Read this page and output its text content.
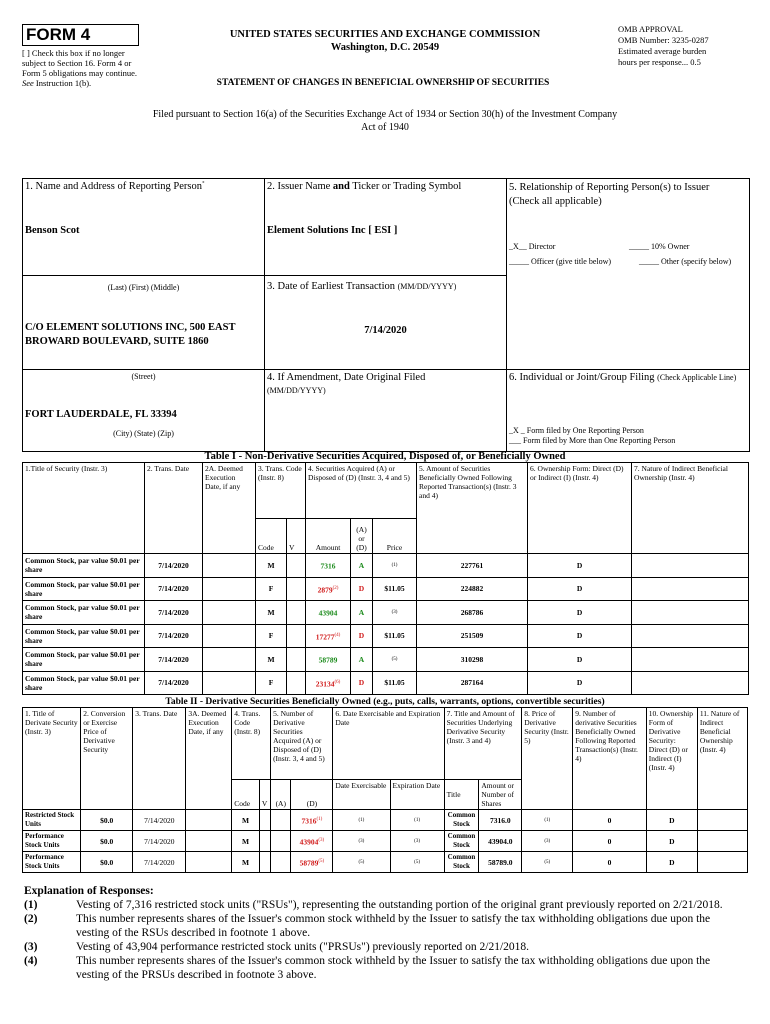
FORM 4
[ ] Check this box if no longer subject to Section 16. Form 4 or Form 5 obligations may continue. See Instruction 1(b).
UNITED STATES SECURITIES AND EXCHANGE COMMISSION
Washington, D.C. 20549
STATEMENT OF CHANGES IN BENEFICIAL OWNERSHIP OF SECURITIES
OMB APPROVAL
OMB Number: 3235-0287
Estimated average burden
hours per response... 0.5
Filed pursuant to Section 16(a) of the Securities Exchange Act of 1934 or Section 30(h) of the Investment Company Act of 1940
1. Name and Address of Reporting Person*
Benson Scot
(Last) (First) (Middle)
C/O ELEMENT SOLUTIONS INC, 500 EAST BROWARD BOULEVARD, SUITE 1860
(Street)
FORT LAUDERDALE, FL 33394
(City) (State) (Zip)
2. Issuer Name and Ticker or Trading Symbol
Element Solutions Inc [ ESI ]
3. Date of Earliest Transaction (MM/DD/YYYY)
7/14/2020
4. If Amendment, Date Original Filed
(MM/DD/YYYY)
5. Relationship of Reporting Person(s) to Issuer
(Check all applicable)
_X__ Director	_____ 10% Owner
_____ Officer (give title below)	_____ Other (specify below)
6. Individual or Joint/Group Filing (Check Applicable Line)
_X _ Form filed by One Reporting Person
___ Form filed by More than One Reporting Person
Table I - Non-Derivative Securities Acquired, Disposed of, or Beneficially Owned
1.Title of Security (Instr. 3)	2. Trans. Date	2A. Deemed Execution Date, if any	3. Trans. Code (Instr. 8)		4. Securities Acquired (A) or Disposed of (D) (Instr. 3, 4 and 5)			5. Amount of Securities Beneficially Owned Following Reported Transaction(s) (Instr. 3 and 4)	6. Ownership Form: Direct (D) or Indirect (I) (Instr. 4)	7. Nature of Indirect Beneficial Ownership (Instr. 4)
			Code	V	Amount	(A) or (D)	Price			
Common Stock, par value $0.01 per share	7/14/2020		M		7316	A	(1)	227761	D	
Common Stock, par value $0.01 per share	7/14/2020		F		2879$^{(2)}$	D	$11.05	224882	D	
Common Stock, par value $0.01 per share	7/14/2020		M		43904	A	(3)	268786	D	
Common Stock, par value $0.01 per share	7/14/2020		F		17277$^{(4)}$	D	$11.05	251509	D	
Common Stock, par value $0.01 per share	7/14/2020		M		58789	A	(5)	310298	D	
Common Stock, par value $0.01 per share	7/14/2020		F		23134$^{(6)}$	D	$11.05	287164	D	
Table II - Derivative Securities Beneficially Owned (e.g., puts, calls, warrants, options, convertible securities)
1. Title of Derivate Security (Instr. 3)	2. Conversion or Exercise Price of Derivative Security	3. Trans. Date	3A. Deemed Execution Date, if any	4. Trans. Code (Instr. 8)		5. Number of Derivative Securities Acquired (A) or Disposed of (D) (Instr. 3, 4 and 5)		6. Date Exercisable and Expiration Date		7. Title and Amount of Securities Underlying Derivative Security (Instr. 3 and 4)		8. Price of Derivative Security (Instr. 5)	9. Number of derivative Securities Beneficially Owned Following Reported Transaction(s) (Instr. 4)	10. Ownership Form of Derivative Security: Direct (D) or Indirect (I) (Instr. 4)	11. Nature of Indirect Beneficial Ownership (Instr. 4)
				Code	V	(A)	(D)	Date Exercisable	Expiration Date	Title	Amount or Number of Shares				
Restricted Stock Units	$0.0	7/14/2020		M			7316$^{(1)}$	(1)	(1)	Common Stock	7316.0	(1)	0	D	
Performance Stock Units	$0.0	7/14/2020		M			43904$^{(3)}$	(3)	(3)	Common Stock	43904.0	(3)	0	D	
Performance Stock Units	$0.0	7/14/2020		M			58789$^{(5)}$	(5)	(5)	Common Stock	58789.0	(5)	0	D	
Explanation of Responses:
(1)	Vesting of 7,316 restricted stock units ("RSUs"), representing the outstanding portion of the original grant previously reported on 2/21/2018.
(2)	This number represents shares of the Issuer's common stock withheld by the Issuer to satisfy the tax withholding obligations due upon the vesting of the RSUs described in footnote 1 above.
(3)	Vesting of 43,904 performance restricted stock units ("PRSUs") previously reported on 2/21/2018.
(4)	This number represents shares of the Issuer's common stock withheld by the Issuer to satisfy the tax withholding obligations due upon the vesting of the PRSUs described in footnote 3 above.
